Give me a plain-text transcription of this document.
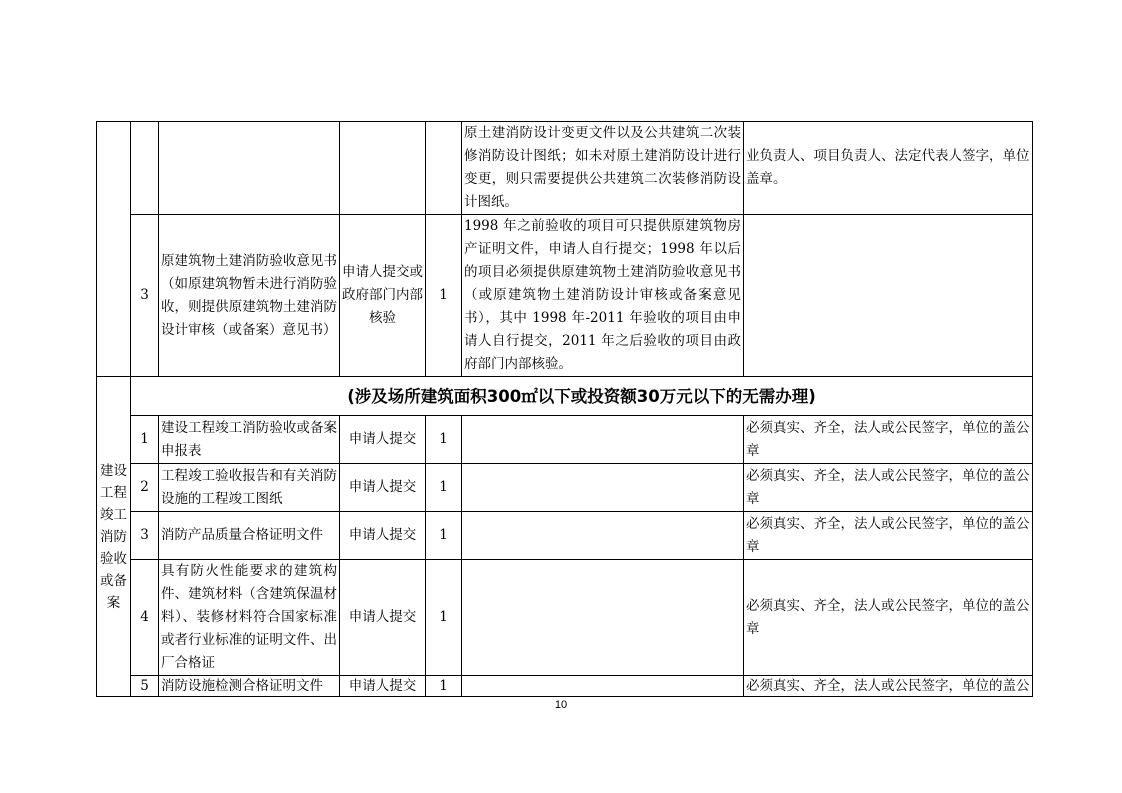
					原土建消防设计变更文件以及公共建筑二次装修消防设计图纸；如未对原土建消防设计进行变更，则只需要提供公共建筑二次装修消防设计图纸。	业负责人、项目负责人、法定代表人签字，单位盖章。
	3	原建筑物土建消防验收意见书（如原建筑物暂未进行消防验收，则提供原建筑物土建消防设计审核（或备案）意见书）	申请人提交或政府部门内部核验	1	1998 年之前验收的项目可只提供原建筑物房产证明文件，申请人自行提交；1998 年以后的项目必须提供原建筑物土建消防验收意见书（或原建筑物土建消防设计审核或备案意见书），其中 1998 年-2011 年验收的项目由申请人自行提交，2011 年之后验收的项目由政府部门内部核验。	

建设工程竣工消防验收或备案	(涉及场所建筑面积300㎡以下或投资额30万元以下的无需办理)					
	1	建设工程竣工消防验收或备案申报表	申请人提交	1		必须真实、齐全，法人或公民签字，单位的盖公章
	2	工程竣工验收报告和有关消防设施的工程竣工图纸	申请人提交	1		必须真实、齐全，法人或公民签字，单位的盖公章
	3	消防产品质量合格证明文件	申请人提交	1		必须真实、齐全，法人或公民签字，单位的盖公章
	4	具有防火性能要求的建筑构件、建筑材料（含建筑保温材料）、装修材料符合国家标准或者行业标准的证明文件、出厂合格证	申请人提交	1		必须真实、齐全，法人或公民签字，单位的盖公章
	5	消防设施检测合格证明文件	申请人提交	1		必须真实、齐全，法人或公民签字，单位的盖公
10
